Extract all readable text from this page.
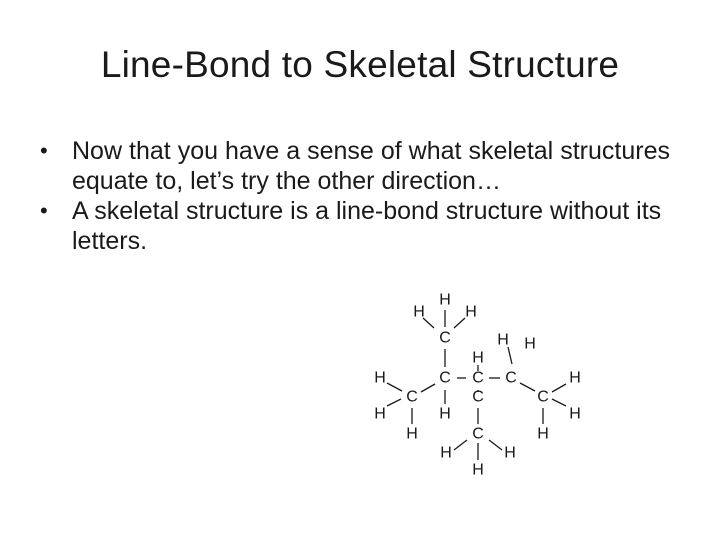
Line-Bond to Skeletal Structure
• Now that you have a sense of what skeletal structures equate to, let’s try the other direction…
• A skeletal structure is a line-bond structure without its letters.
C
C C C
C	C	C
C
H
H	H
H H
H
H	H
H	H	H
H	H
H	H
H
